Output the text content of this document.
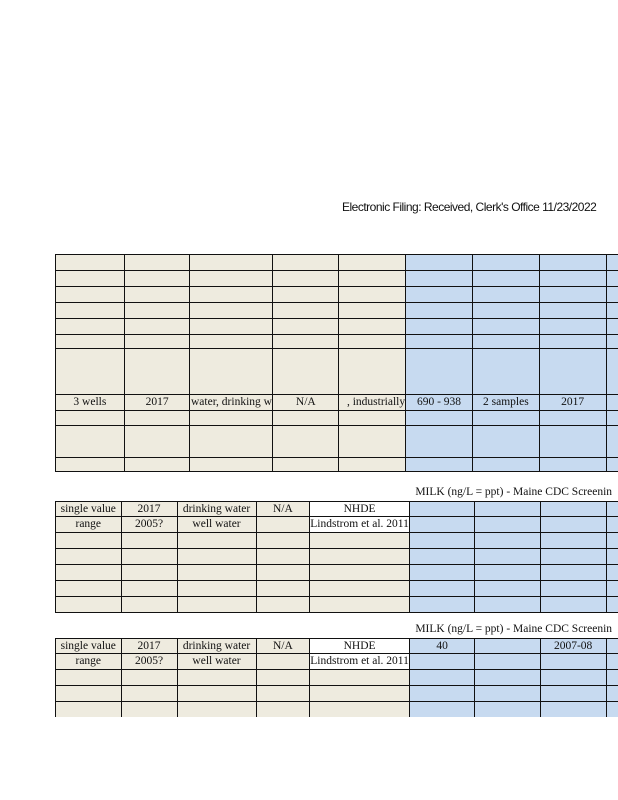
Electronic Filing: Received, Clerk's Office 11/23/2022

3 wells	2017	water, drinking w	N/A	, industrially	690 - 938	2 samples	2017	

					MILK (ng/L = ppt) - Maine CDC Screenin			
single value	2017	drinking water	N/A	NHDE				
range	2005?	well water		Lindstrom et al. 2011				

					MILK (ng/L = ppt) - Maine CDC Screenin			
single value	2017	drinking water	N/A	NHDE	40		2007-08	
range	2005?	well water		Lindstrom et al. 2011				
